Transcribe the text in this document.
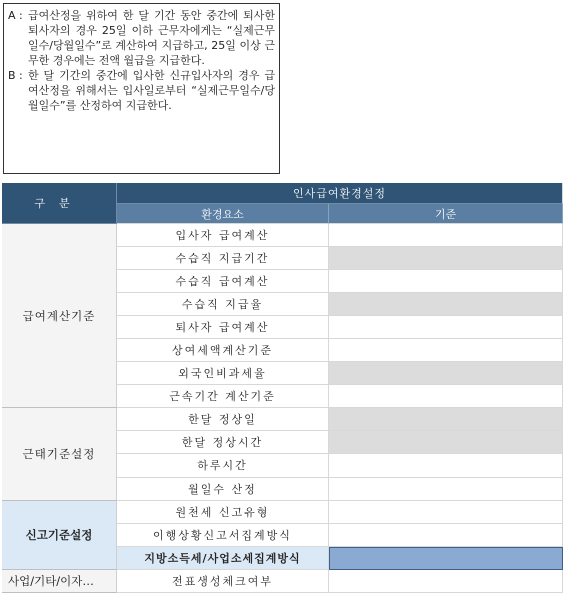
A : 급여산정을 위하여 한 달 기간 동안 중간에 퇴사한 퇴사자의 경우 25일 이하 근무자에게는 “실제근무일수/당월일수”로 계산하여 지급하고, 25일 이상 근무한 경우에는 전액 월급을 지급한다.
B : 한 달 기간의 중간에 입사한 신규입사자의 경우 급여산정을 위해서는 입사일로부터 “실제근무일수/당월일수”를 산정하여 지급한다.
구분
인사급여환경설정
환경요소	기준
급여계산기준
입사자 급여계산
수습직 지급기간
수습직 급여계산
수습직 지급율
퇴사자 급여계산
상여세액계산기준
외국인비과세율
근속기간 계산기준
근태기준설정
한달 정상일
한달 정상시간
하루시간
월일수 산정
신고기준설정
원천세 신고유형
이행상황신고서집계방식
지방소득세/사업소세집계방식
사업/기타/이자…	전표생성체크여부
